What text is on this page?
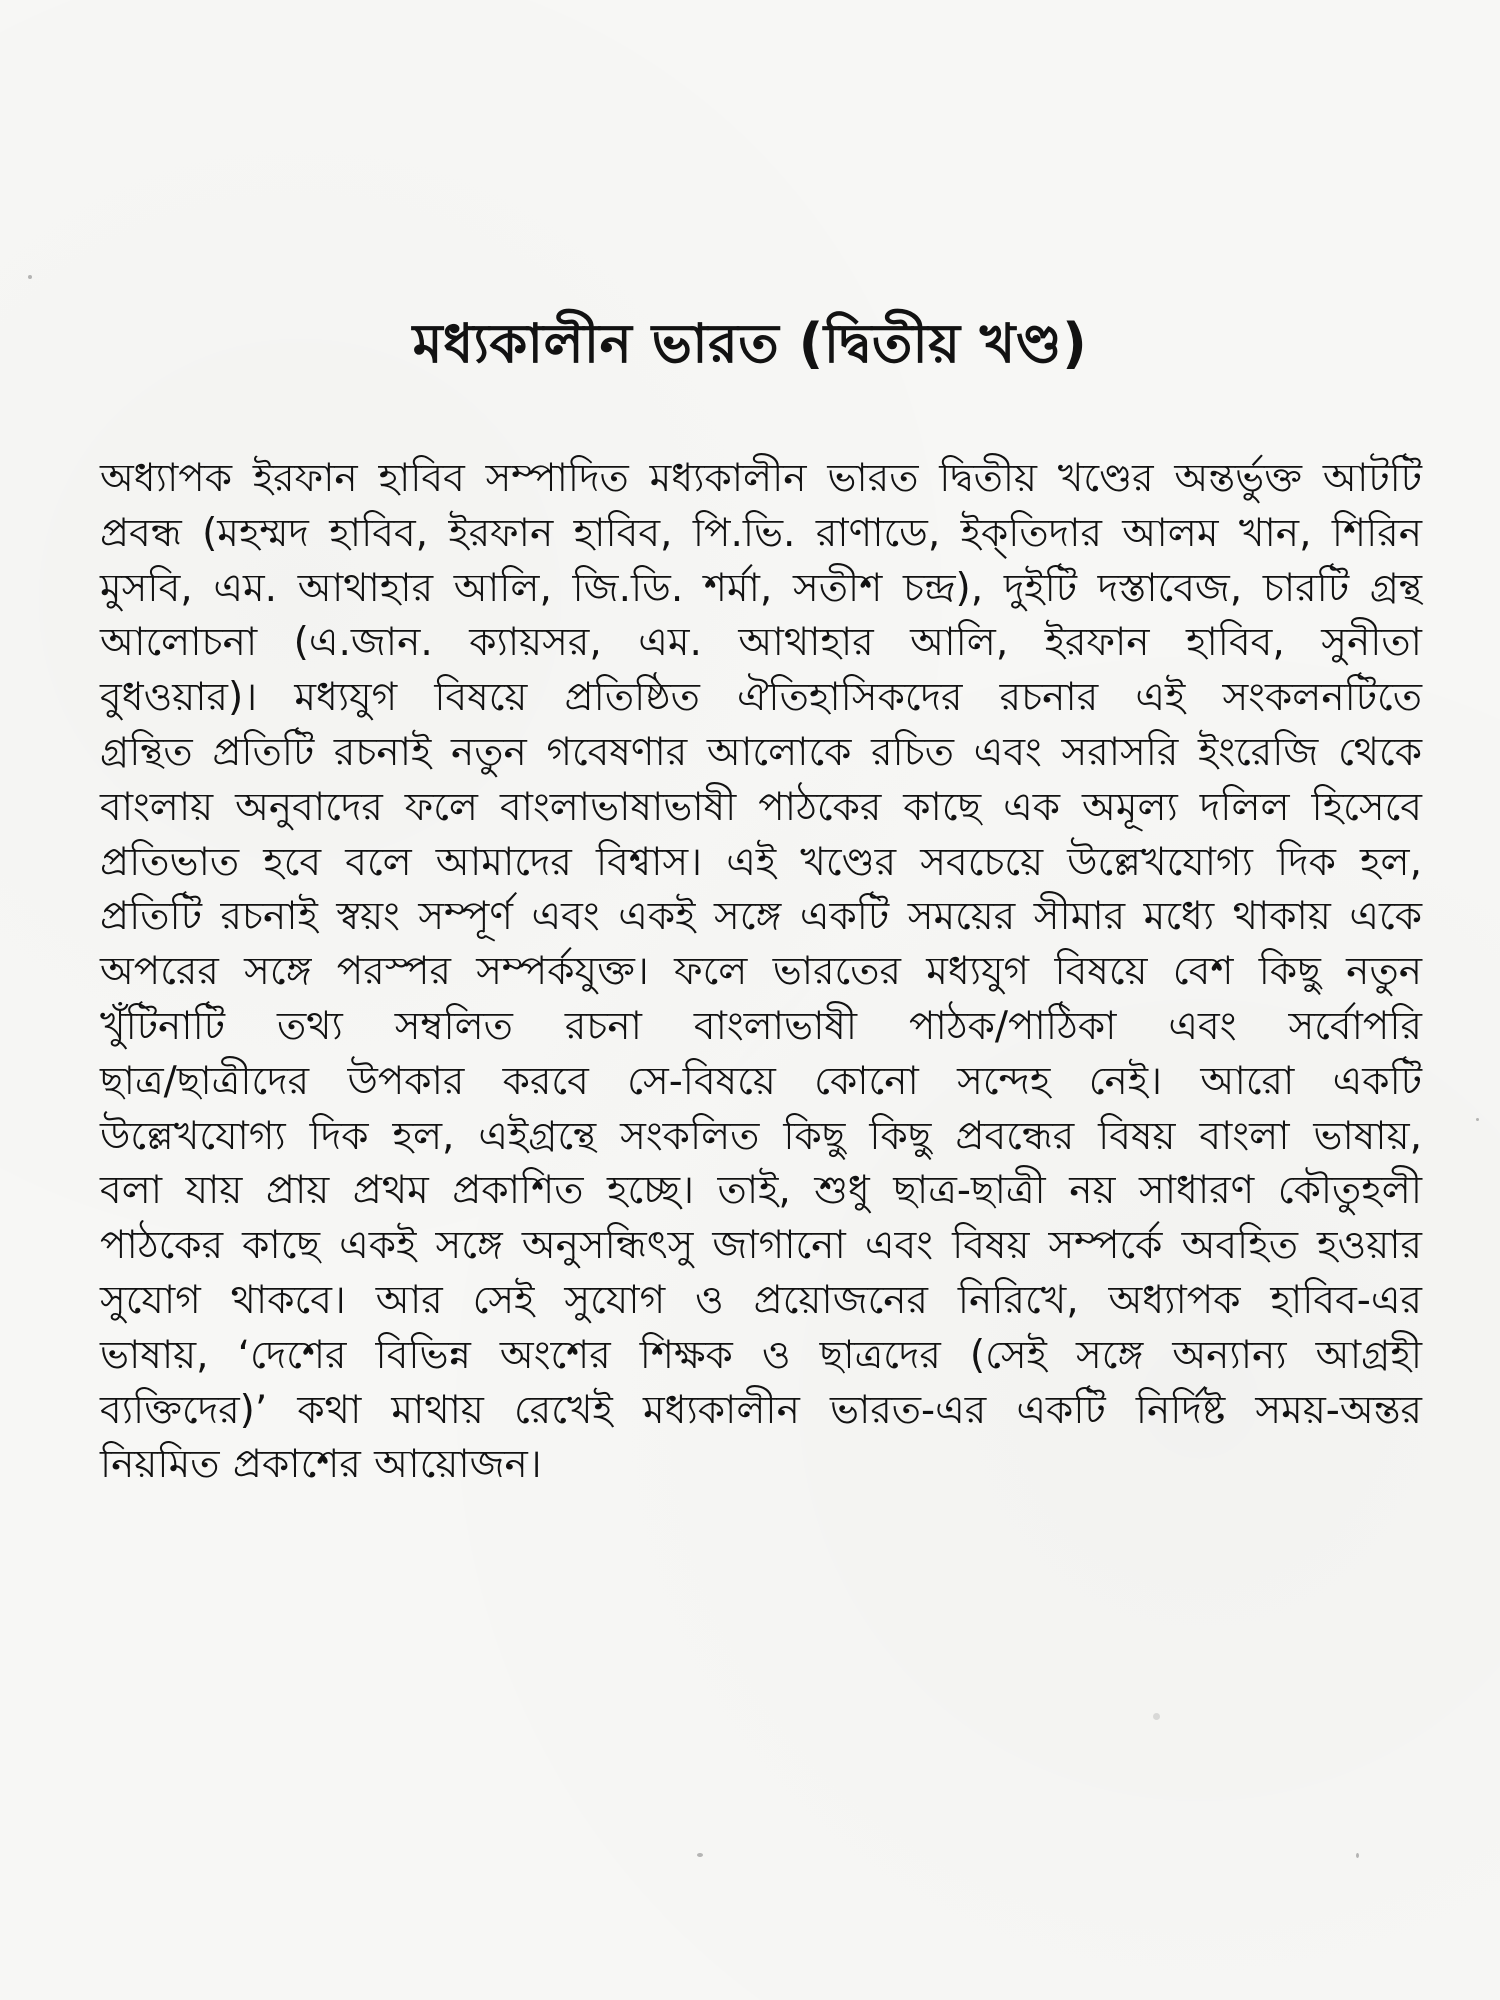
মধ্যকালীন ভারত (দ্বিতীয় খণ্ড)
অধ্যাপক ইরফান হাবিব সম্পাদিত মধ্যকালীন ভারত দ্বিতীয় খণ্ডের অন্তর্ভুক্ত আটটি
প্রবন্ধ (মহম্মদ হাবিব, ইরফান হাবিব, পি.ভি. রাণাডে, ইক্‌তিদার আলম খান, শিরিন
মুসবি, এম. আথাহার আলি, জি.ডি. শর্মা, সতীশ চন্দ্র), দুইটি দস্তাবেজ, চারটি গ্রন্থ
আলোচনা (এ.জান. ক্যায়সর, এম. আথাহার আলি, ইরফান হাবিব, সুনীতা
বুধওয়ার)। মধ্যযুগ বিষয়ে প্রতিষ্ঠিত ঐতিহাসিকদের রচনার এই সংকলনটিতে
গ্রন্থিত প্রতিটি রচনাই নতুন গবেষণার আলোকে রচিত এবং সরাসরি ইংরেজি থেকে
বাংলায় অনুবাদের ফলে বাংলাভাষাভাষী পাঠকের কাছে এক অমূল্য দলিল হিসেবে
প্রতিভাত হবে বলে আমাদের বিশ্বাস। এই খণ্ডের সবচেয়ে উল্লেখযোগ্য দিক হল,
প্রতিটি রচনাই স্বয়ং সম্পূর্ণ এবং একই সঙ্গে একটি সময়ের সীমার মধ্যে থাকায় একে
অপরের সঙ্গে পরস্পর সম্পর্কযুক্ত। ফলে ভারতের মধ্যযুগ বিষয়ে বেশ কিছু নতুন
খুঁটিনাটি তথ্য সম্বলিত রচনা বাংলাভাষী পাঠক/পাঠিকা এবং সর্বোপরি
ছাত্র/ছাত্রীদের উপকার করবে সে-বিষয়ে কোনো সন্দেহ নেই। আরো একটি
উল্লেখযোগ্য দিক হল, এইগ্রন্থে সংকলিত কিছু কিছু প্রবন্ধের বিষয় বাংলা ভাষায়,
বলা যায় প্রায় প্রথম প্রকাশিত হচ্ছে। তাই, শুধু ছাত্র-ছাত্রী নয় সাধারণ কৌতুহলী
পাঠকের কাছে একই সঙ্গে অনুসন্ধিৎসু জাগানো এবং বিষয় সম্পর্কে অবহিত হওয়ার
সুযোগ থাকবে। আর সেই সুযোগ ও প্রয়োজনের নিরিখে, অধ্যাপক হাবিব-এর
ভাষায়, ‘দেশের বিভিন্ন অংশের শিক্ষক ও ছাত্রদের (সেই সঙ্গে অন্যান্য আগ্রহী
ব্যক্তিদের)’ কথা মাথায় রেখেই মধ্যকালীন ভারত-এর একটি নির্দিষ্ট সময়-অন্তর
নিয়মিত প্রকাশের আয়োজন।
